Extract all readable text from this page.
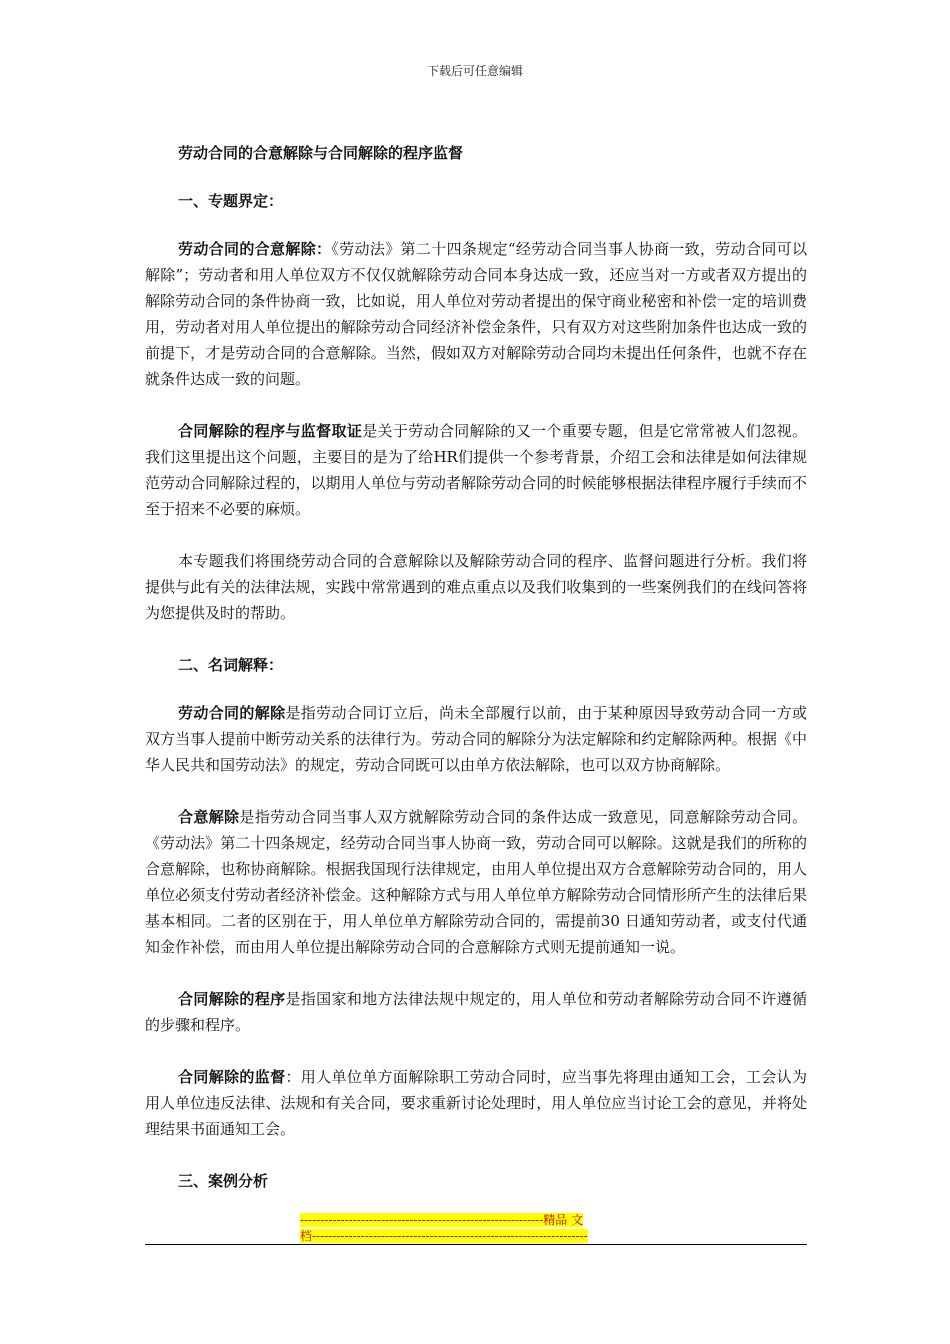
下载后可任意编辑
劳动合同的合意解除与合同解除的程序监督
一、专题界定：

劳动合同的合意解除：《劳动法》第二十四条规定“经劳动合同当事人协商一致，劳动合同可以解除”；劳动者和用人单位双方不仅仅就解除劳动合同本身达成一致，还应当对一方或者双方提出的解除劳动合同的条件协商一致，比如说，用人单位对劳动者提出的保守商业秘密和补偿一定的培训费用，劳动者对用人单位提出的解除劳动合同经济补偿金条件，只有双方对这些附加条件也达成一致的前提下，才是劳动合同的合意解除。当然，假如双方对解除劳动合同均未提出任何条件，也就不存在就条件达成一致的问题。

合同解除的程序与监督取证是关于劳动合同解除的又一个重要专题，但是它常常被人们忽视。我们这里提出这个问题，主要目的是为了给HR们提供一个参考背景，介绍工会和法律是如何法律规范劳动合同解除过程的，以期用人单位与劳动者解除劳动合同的时候能够根据法律程序履行手续而不至于招来不必要的麻烦。

本专题我们将围绕劳动合同的合意解除以及解除劳动合同的程序、监督问题进行分析。我们将提供与此有关的法律法规，实践中常常遇到的难点重点以及我们收集到的一些案例我们的在线问答将为您提供及时的帮助。

二、名词解释：

劳动合同的解除是指劳动合同订立后，尚未全部履行以前，由于某种原因导致劳动合同一方或双方当事人提前中断劳动关系的法律行为。劳动合同的解除分为法定解除和约定解除两种。根据《中华人民共和国劳动法》的规定，劳动合同既可以由单方依法解除，也可以双方协商解除。

合意解除是指劳动合同当事人双方就解除劳动合同的条件达成一致意见，同意解除劳动合同。《劳动法》第二十四条规定，经劳动合同当事人协商一致，劳动合同可以解除。这就是我们的所称的合意解除，也称协商解除。根据我国现行法律规定，由用人单位提出双方合意解除劳动合同的，用人单位必须支付劳动者经济补偿金。这种解除方式与用人单位单方解除劳动合同情形所产生的法律后果基本相同。二者的区别在于，用人单位单方解除劳动合同的，需提前30 日通知劳动者，或支付代通知金作补偿，而由用人单位提出解除劳动合同的合意解除方式则无提前通知一说。

合同解除的程序是指国家和地方法律法规中规定的，用人单位和劳动者解除劳动合同不许遵循的步骤和程序。

合同解除的监督：用人单位单方面解除职工劳动合同时，应当事先将理由通知工会，工会认为用人单位违反法律、法规和有关合同，要求重新讨论处理时，用人单位应当讨论工会的意见，并将处理结果书面通知工会。

三、案例分析
------------------------------------------------------------精品 文
档--------------------------------------------------------------------
